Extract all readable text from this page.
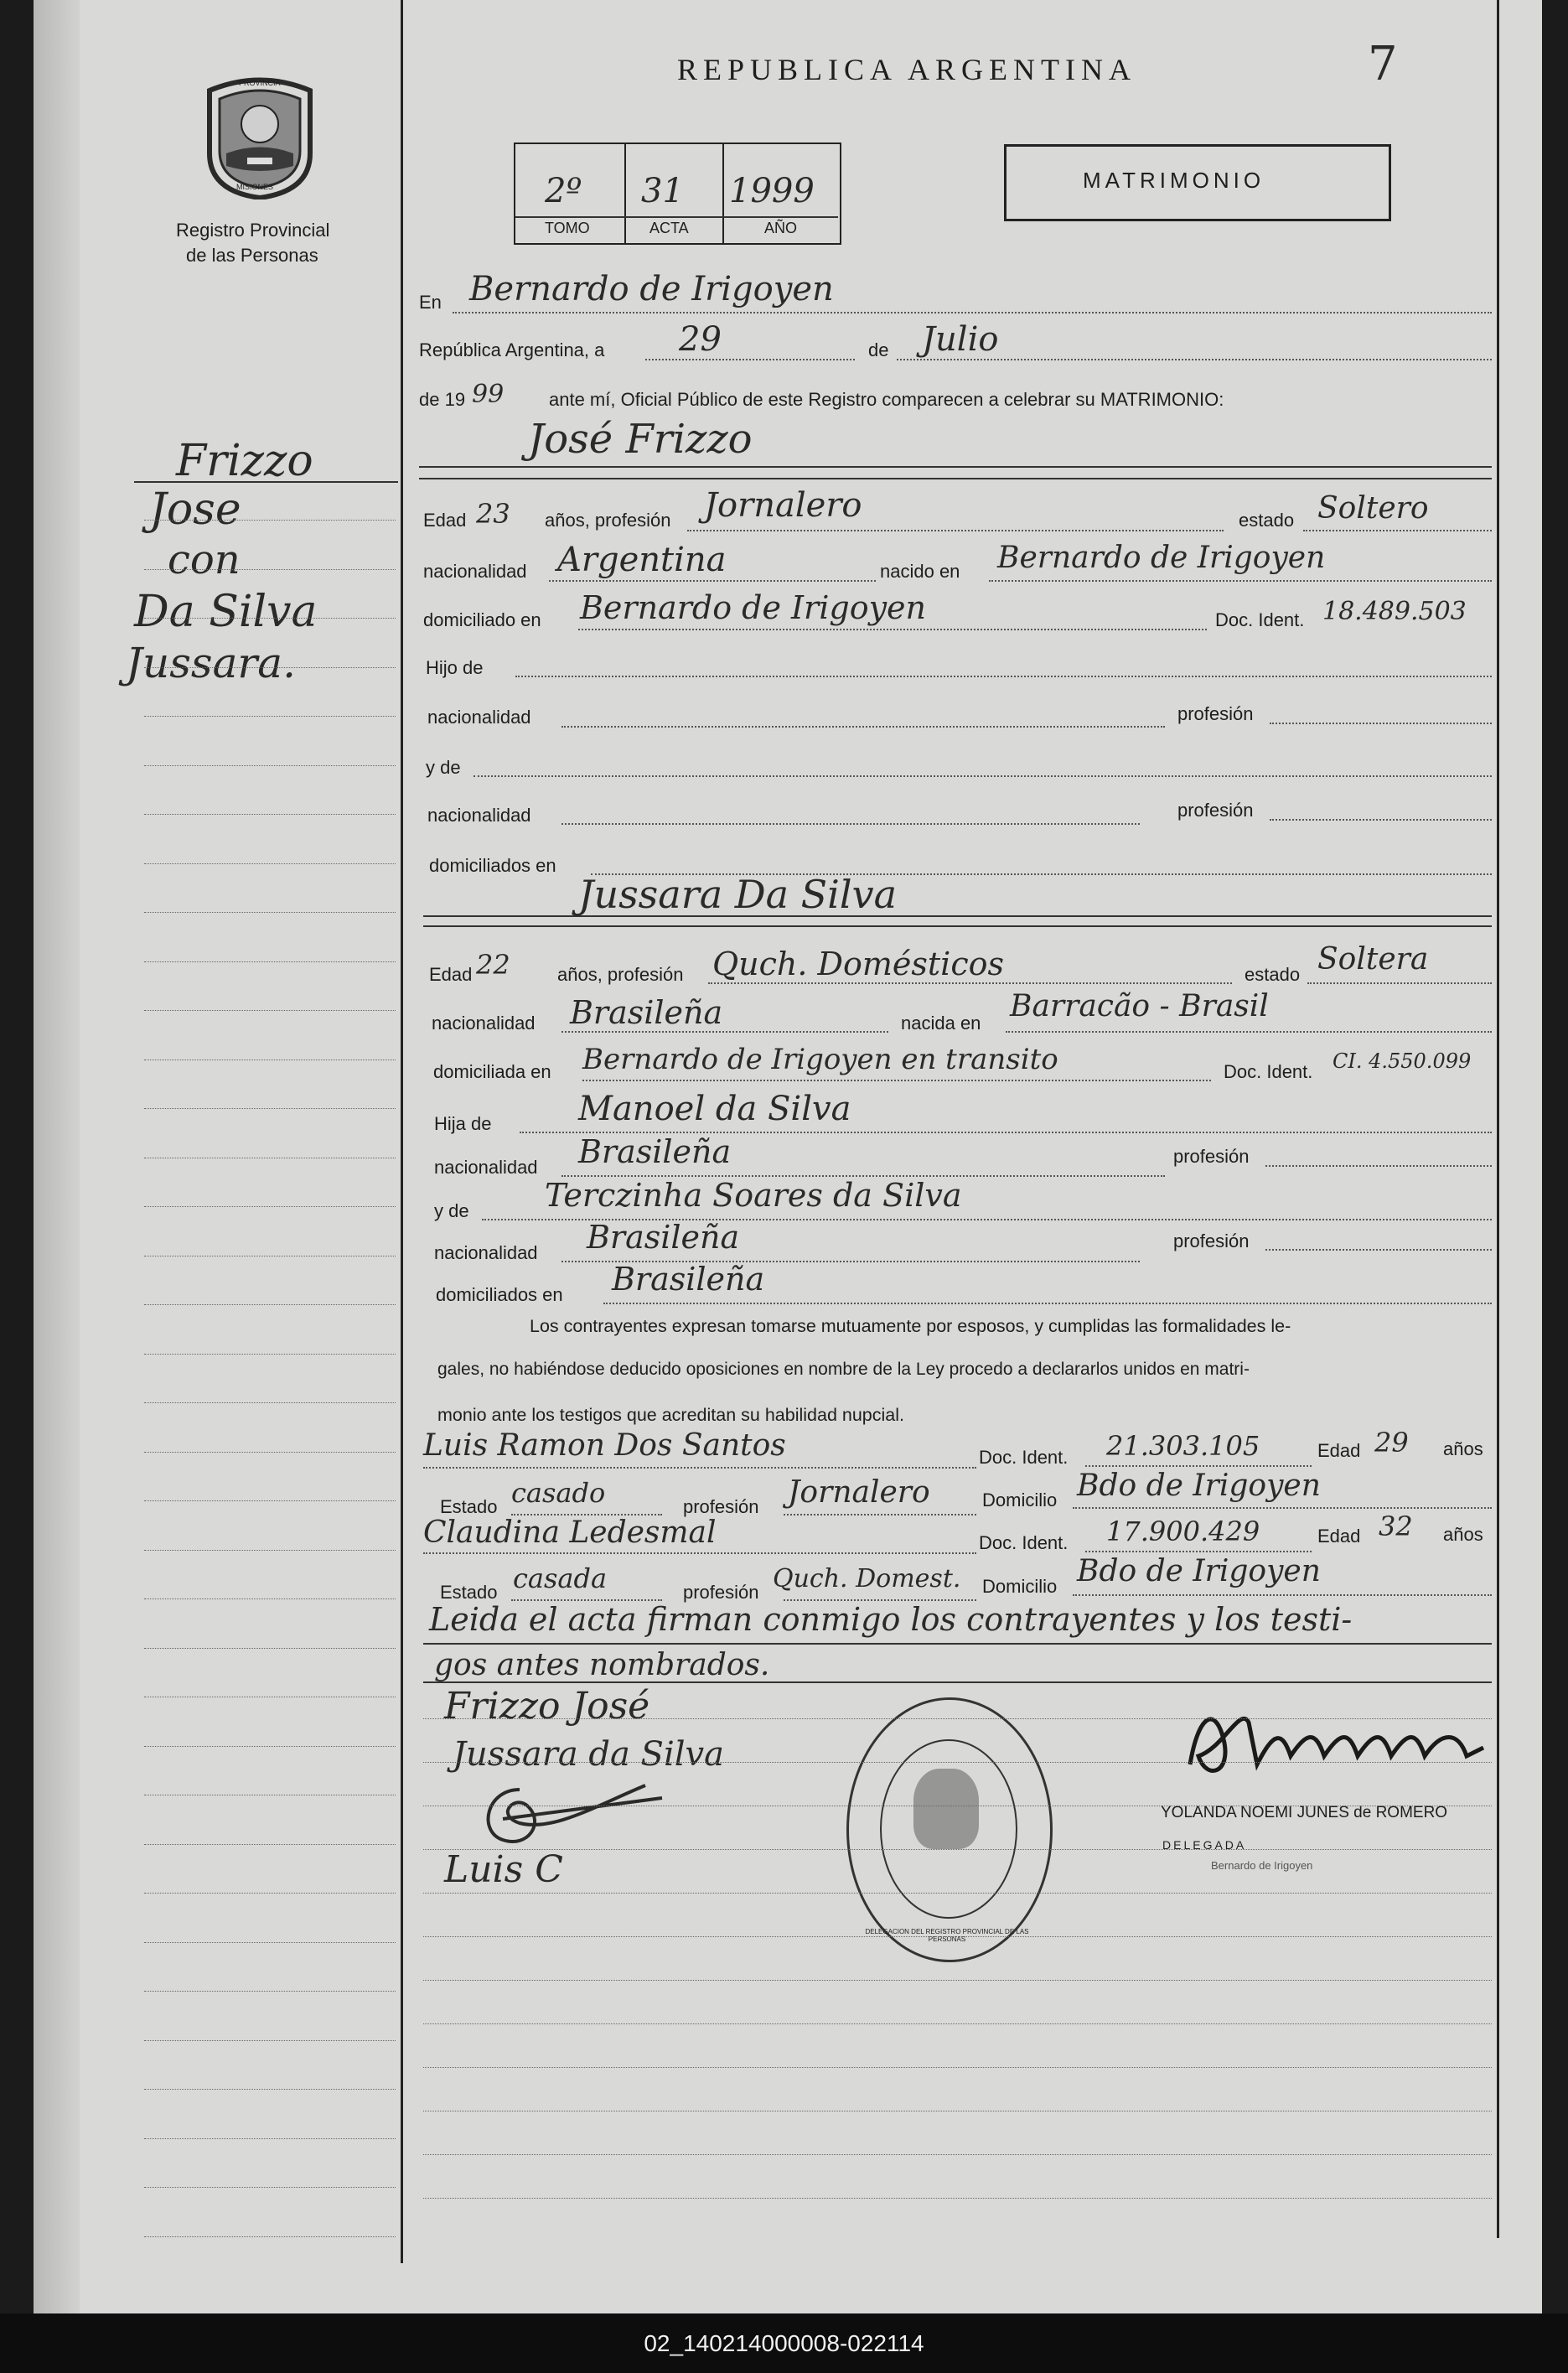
REPUBLICA ARGENTINA	7
PROVINCIA
MISIONES
Registro Provincial
de las Personas
2º 31 1999
TOMO	ACTA	AÑO
MATRIMONIO
Frizzo
Jose
con
Da Silva
Jussara.
En Bernardo de Irigoyen
República Argentina, a 29	de Julio
de 19 99 ante mí, Oficial Público de este Registro comparecen a celebrar su MATRIMONIO:
José Frizzo
Edad 23 años, profesión Jornalero	estado Soltero
nacionalidad Argentina	nacido en Bernardo de Irigoyen
domiciliado en Bernardo de Irigoyen	Doc. Ident. 18.489.503
Hijo de
nacionalidad	profesión
y de
nacionalidad	profesión
domiciliados en
Jussara Da Silva
Edad 22	años, profesión Quch. Domésticos	estado Soltera
nacionalidad Brasileña	nacida en Barracão - Brasil
domiciliada en Bernardo de Irigoyen en transito	Doc. Ident. CI. 4.550.099
Hija de	Manoel da Silva
nacionalidad Brasileña	profesión
y de Terczinha Soares da Silva
nacionalidad Brasileña	profesión
domiciliados en Brasileña
Los contrayentes expresan tomarse mutuamente por esposos, y cumplidas las formalidades le-
gales, no habiéndose deducido oposiciones en nombre de la Ley procedo a declararlos unidos en matri-
monio ante los testigos que acreditan su habilidad nupcial.
Luis Ramon Dos Santos	Doc. Ident. 21.303.105	Edad 29 años
Estado casado	profesión Jornalero	Domicilio Bdo de Irigoyen
Claudina Ledesmal	Doc. Ident. 17.900.429	Edad 32 años
Estado casada	profesión Quch. Domest. Domicilio Bdo de Irigoyen
Leida el acta firman conmigo los contrayentes y los testi-
gos antes nombrados.
Frizzo José
Jussara da Silva
Luis C
DELEGACION DEL REGISTRO PROVINCIAL DE LAS PERSONAS
YOLANDA NOEMI JUNES de ROMERO
DELEGADA
Bernardo de Irigoyen
02_140214000008-022114
